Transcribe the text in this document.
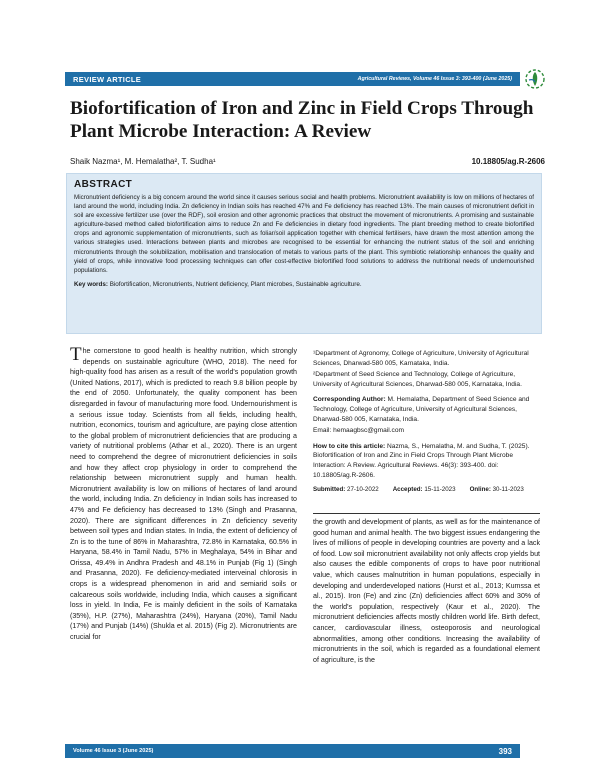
REVIEW ARTICLE	Agricultural Reviews, Volume 46 Issue 3: 393-400 (June 2025)
Biofortification of Iron and Zinc in Field Crops Through Plant Microbe Interaction: A Review
Shaik Nazma¹, M. Hemalatha², T. Sudha¹	10.18805/ag.R-2606
ABSTRACT
Micronutrient deficiency is a big concern around the world since it causes serious social and health problems. Micronutrient availability is low on millions of hectares of land around the world, including India. Zn deficiency in Indian soils has reached 47% and Fe deficiency has reached 13%. The main causes of micronutrient deficit in soil are excessive fertilizer use (over the RDF), soil erosion and other agronomic practices that obstruct the movement of micronutrients. A promising and sustainable agriculture-based method called biofortification aims to reduce Zn and Fe deficiencies in dietary food ingredients. The plant breeding method to create biofortified crops and agronomic supplementation of micronutrients, such as foliar/soil application together with chemical fertilisers, have drawn the most attention among the various strategies used. Interactions between plants and microbes are recognised to be essential for enhancing the nutrient status of the soil and enriching micronutrients through the solubilization, mobilisation and translocation of metals to various parts of the plant. This symbiotic relationship enhances the quality and yield of crops, while innovative food processing techniques can offer cost-effective biofortified food solutions to address the nutritional needs of undernourished populations.
Key words: Biofortification, Micronutrients, Nutrient deficiency, Plant microbes, Sustainable agriculture.
The cornerstone to good health is healthy nutrition, which strongly depends on sustainable agriculture (WHO, 2018). The need for high-quality food has arisen as a result of the world's population growth (United Nations, 2017), which is predicted to reach 9.8 billion people by the end of 2050. Unfortunately, the quality component has been disregarded in favour of manufacturing more food. Undernourishment is a serious issue today. Scientists from all fields, including health, nutrition, economics, tourism and agriculture, are paying close attention to the global problem of micronutrient deficiencies that are producing a variety of nutritional problems (Athar et al., 2020). There is an urgent need to comprehend the degree of micronutrient deficiencies in soils and how they affect crop physiology in order to comprehend the relationship between micronutrient supply and human health. Micronutrient availability is low on millions of hectares of land around the world, including India. Zn deficiency in Indian soils has increased to 47% and Fe deficiency has decreased to 13% (Singh and Prasanna, 2020). There are significant differences in Zn deficiency severity between soil types and Indian states. In India, the extent of deficiency of Zn is to the tune of 86% in Maharashtra, 72.8% in Karnataka, 60.5% in Haryana, 58.4% in Tamil Nadu, 57% in Meghalaya, 54% in Bihar and Orissa, 49.4% in Andhra Pradesh and 48.1% in Punjab (Fig 1) (Singh and Prasanna, 2020). Fe deficiency-mediated interveinal chlorosis in crops is a widespread phenomenon in arid and semiarid soils or calcareous soils worldwide, including India, which causes a significant loss in yield. In India, Fe is mainly deficient in the soils of Karnataka (35%), H.P. (27%), Maharashtra (24%), Haryana (20%), Tamil Nadu (17%) and Punjab (14%) (Shukla et al. 2015) (Fig 2). Micronutrients are crucial for

¹Department of Agronomy, College of Agriculture, University of Agricultural Sciences, Dharwad-580 005, Karnataka, India.

²Department of Seed Science and Technology, College of Agriculture, University of Agricultural Sciences, Dharwad-580 005, Karnataka, India.

Corresponding Author: M. Hemalatha, Department of Seed Science and Technology, College of Agriculture, University of Agricultural Sciences, Dharwad-580 005, Karnataka, India.

Email: hemaagbsc@gmail.com

How to cite this article: Nazma, S., Hemalatha, M. and Sudha, T. (2025). Biofortification of Iron and Zinc in Field Crops Through Plant Microbe Interaction: A Review. Agricultural Reviews. 46(3): 393-400. doi: 10.18805/ag.R-2606.

Submitted: 27-10-2022 Accepted: 15-11-2023 Online: 30-11-2023
the growth and development of plants, as well as for the maintenance of good human and animal health. The two biggest issues endangering the lives of millions of people in developing countries are poverty and a lack of food. Low soil micronutrient availability not only affects crop yields but also causes the edible components of crops to have poor nutritional value, which causes malnutrition in human populations, especially in developing and underdeveloped nations (Hurst et al., 2013; Kumssa et al., 2015). Iron (Fe) and zinc (Zn) deficiencies affect 60% and 30% of the world's population, respectively (Kaur et al., 2020). The micronutrient deficiencies affects mostly children world life. Birth defect, cancer, cardiovascular illness, osteoporosis and neurological abnormalities, among other conditions. Increasing the availability of micronutrients in the soil, which is regarded as a foundational element of agriculture, is the
Volume 46 Issue 3 (June 2025)	393
